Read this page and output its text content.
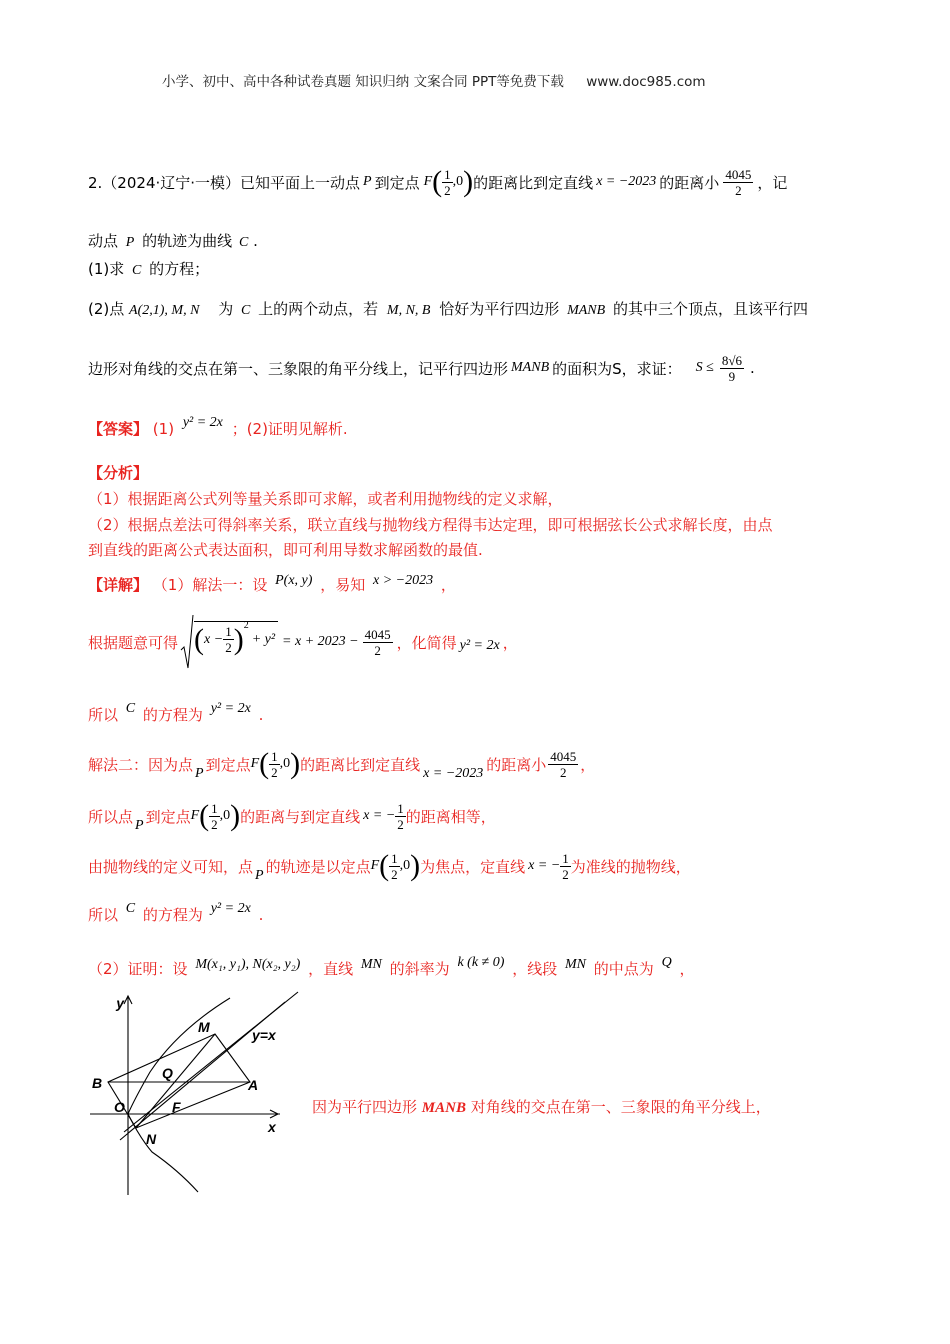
小学、初中、高中各种试卷真题 知识归纳 文案合同 PPT等免费下载 www.doc985.com
2.（2024·辽宁·一模）已知平面上一动点 P 到定点 F ( $\frac{1}{2} ,0$ ) 的距离比到定直线 x = −2023 的距离小 $\frac{4045}{2}$ ，记
动点 P 的轨迹为曲线 C .
(1)求 C 的方程；
(2)点 A(2,1), M, N 为 C 上的两个动点，若 M, N, B 恰好为平行四边形 MANB 的其中三个顶点，且该平行四
边形对角线的交点在第一、三象限的角平分线上，记平行四边形 MANB 的面积为S，求证： $S \le \frac{8√6}{9}$ .
【答案】 (1) y² = 2x ；(2)证明见解析.
【分析】
（1）根据距离公式列等量关系即可求解，或者利用抛物线的定义求解，
（2）根据点差法可得斜率关系，联立直线与抛物线方程得韦达定理，即可根据弦长公式求解长度，由点
到直线的距离公式表达面积，即可利用导数求解函数的最值.
【详解】 （1）解法一：设 P(x, y) ，易知 x > −2023 ，
根据题意可得 ( $x - \frac{1}{2}$ ) 2
+ $y^2 = x + 2023 - \frac{4045}{2}$ ，化简得 y² = 2x ，
所以 C 的方程为 y² = 2x .
解法二：因为点 P 到定点 F ( $\frac{1}{2} ,0$ ) 的距离比到定直线 x = −2023 的距离小 $\frac{4045}{2}$ ，
所以点 P 到定点 F ( $\frac{1}{2} ,0$ ) 的距离与到定直线 x = − $\frac{1}{2}$ 的距离相等，
由抛物线的定义可知，点 P 的轨迹是以定点 F ( $\frac{1}{2} ,0$ ) 为焦点，定直线 x = − $\frac{1}{2}$ 为准线的抛物线，
所以 C 的方程为 y² = 2x .
（2）证明：设 M(x₁, y₁), N(x₂, y₂) ，直线 MN 的斜率为 k (k ≠ 0) ，线段 MN 的中点为 Q ，
y
x
M	y=x
B
Q
A
O	F
N
因为平行四边形 MANB 对角线的交点在第一、三象限的角平分线上，
